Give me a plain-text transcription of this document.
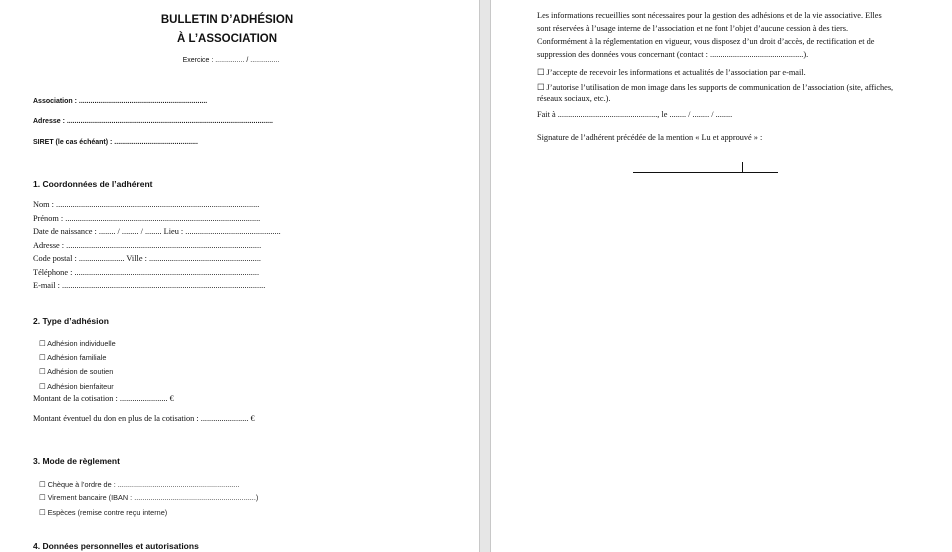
BULLETIN D’ADHÉSION
À L’ASSOCIATION
Exercice : ............... / ...............
Association : ..................................................................
Adresse : ..........................................................................................................
SIRET (le cas échéant) : ...........................................
1. Coordonnées de l’adhérent
Nom : ..................................................................................................
Prénom : ..............................................................................................
Date de naissance : ........ / ........ / ........ Lieu : ..............................................
Adresse : ..............................................................................................
Code postal : ...................... Ville : ......................................................
Téléphone : .........................................................................................
E-mail : ..................................................................................................
2. Type d’adhésion
☐ Adhésion individuelle
☐ Adhésion familiale
☐ Adhésion de soutien
☐ Adhésion bienfaiteur
Montant de la cotisation : ....................... €
Montant éventuel du don en plus de la cotisation : ....................... €
3. Mode de règlement
☐ Chèque à l’ordre de : ............................................................
☐ Virement bancaire (IBAN : ............................................................)
☐ Espèces (remise contre reçu interne)
4. Données personnelles et autorisations
Les informations recueillies sont nécessaires pour la gestion des adhésions et de la vie associative. Elles
sont réservées à l’usage interne de l’association et ne font l’objet d’aucune cession à des tiers.
Conformément à la réglementation en vigueur, vous disposez d’un droit d’accès, de rectification et de
suppression des données vous concernant (contact : .............................................).
☐ J’accepte de recevoir les informations et actualités de l’association par e-mail.
☐ J’autorise l’utilisation de mon image dans les supports de communication de l’association (site, affiches,
réseaux sociaux, etc.).
Fait à ................................................, le ........ / ........ / ........
Signature de l’adhérent précédée de la mention « Lu et approuvé » :
